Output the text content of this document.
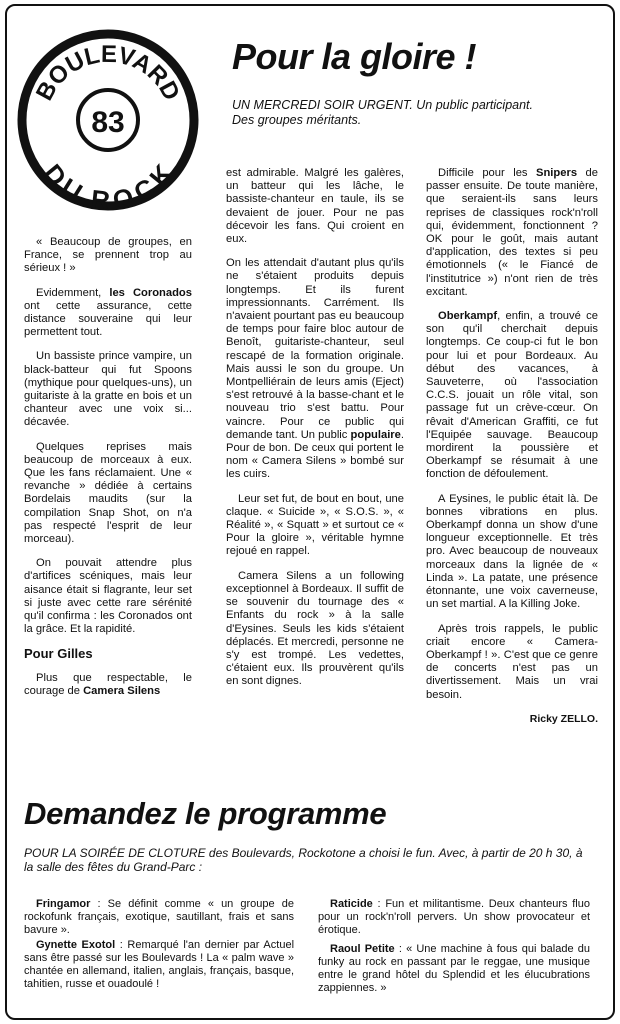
BOULEVARD
83
DU ROCK
Pour la gloire !
UN MERCREDI SOIR URGENT. Un public participant. Des groupes méritants.

« Beaucoup de groupes, en France, se prennent trop au sérieux ! »

Evidemment, les Coronados ont cette assurance, cette distance souveraine qui leur permettent tout.

Un bassiste prince vampire, un black-batteur qui fut Spoons (mythique pour quelques-uns), un guitariste à la gratte en bois et un chanteur avec une voix si... décavée.

Quelques reprises mais beaucoup de morceaux à eux. Que les fans réclamaient. Une « revanche » dédiée à certains Bordelais maudits (sur la compilation Snap Shot, on n'a pas respecté l'esprit de leur morceau).

On pouvait attendre plus d'artifices scéniques, mais leur aisance était si flagrante, leur set si juste avec cette rare sérénité qu'il confirma : les Coronados ont la grâce. Et la rapidité.

Pour Gilles

Plus que respectable, le courage de Camera Silens

est admirable. Malgré les galères, un batteur qui les lâche, le bassiste-chanteur en taule, ils se devaient de jouer. Pour ne pas décevoir les fans. Qui croient en eux.

On les attendait d'autant plus qu'ils ne s'étaient produits depuis longtemps. Et ils furent impressionnants. Carrément. Ils n'avaient pourtant pas eu beaucoup de temps pour faire bloc autour de Benoît, guitariste-chanteur, seul rescapé de la formation originale. Mais aussi le son du groupe. Un Montpelliérain de leurs amis (Eject) s'est retrouvé à la basse-chant et le nouveau trio s'est battu. Pour vaincre. Pour ce public qui demande tant. Un public populaire. Pour de bon. De ceux qui portent le nom « Camera Silens » bombé sur les cuirs.

Leur set fut, de bout en bout, une claque. « Suicide », « S.O.S. », « Réalité », « Squatt » et surtout ce « Pour la gloire », véritable hymne rejoué en rappel.

Camera Silens a un following exceptionnel à Bordeaux. Il suffit de se souvenir du tournage des « Enfants du rock » à la salle d'Eysines. Seuls les kids s'étaient déplacés. Et mercredi, personne ne s'y est trompé. Les vedettes, c'étaient eux. Ils prouvèrent qu'ils en sont dignes.

Difficile pour les Snipers de passer ensuite. De toute manière, que seraient-ils sans leurs reprises de classiques rock'n'roll qui, évidemment, fonctionnent ? OK pour le goût, mais autant d'application, des textes si peu émotionnels (« le Fiancé de l'institutrice ») n'ont rien de très excitant.

Oberkampf, enfin, a trouvé ce son qu'il cherchait depuis longtemps. Ce coup-ci fut le bon pour lui et pour Bordeaux. Au début des vacances, à Sauveterre, où l'association C.C.S. jouait un rôle vital, son passage fut un crève-cœur. On rêvait d'American Graffiti, ce fut l'Equipée sauvage. Beaucoup mordirent la poussière et Oberkampf se résumait à une fonction de défoulement.

A Eysines, le public était là. De bonnes vibrations en plus. Oberkampf donna un show d'une longueur exceptionnelle. Et très pro. Avec beaucoup de nouveaux morceaux dans la lignée de « Linda ». La patate, une présence étonnante, une voix caverneuse, un set martial. A la Killing Joke.

Après trois rappels, le public criait encore « Camera-Oberkampf ! ». C'est que ce genre de concerts n'est pas un divertissement. Mais un vrai besoin.

Ricky ZELLO.

Demandez le programme
POUR LA SOIRÉE DE CLOTURE des Boulevards, Rockotone a choisi le fun. Avec, à partir de 20 h 30, à la salle des fêtes du Grand-Parc :

Fringamor : Se définit comme « un groupe de rockofunk français, exotique, sautillant, frais et sans bavure ».

Gynette Exotol : Remarqué l'an dernier par Actuel sans être passé sur les Boulevards ! La « palm wave » chantée en allemand, italien, anglais, français, basque, tahitien, russe et ouadoulé !

Raticide : Fun et militantisme. Deux chanteurs fluo pour un rock'n'roll pervers. Un show provocateur et érotique.

Raoul Petite : « Une machine à fous qui balade du funky au rock en passant par le reggae, une musique entre le grand hôtel du Splendid et les élucubrations zappiennes. »
